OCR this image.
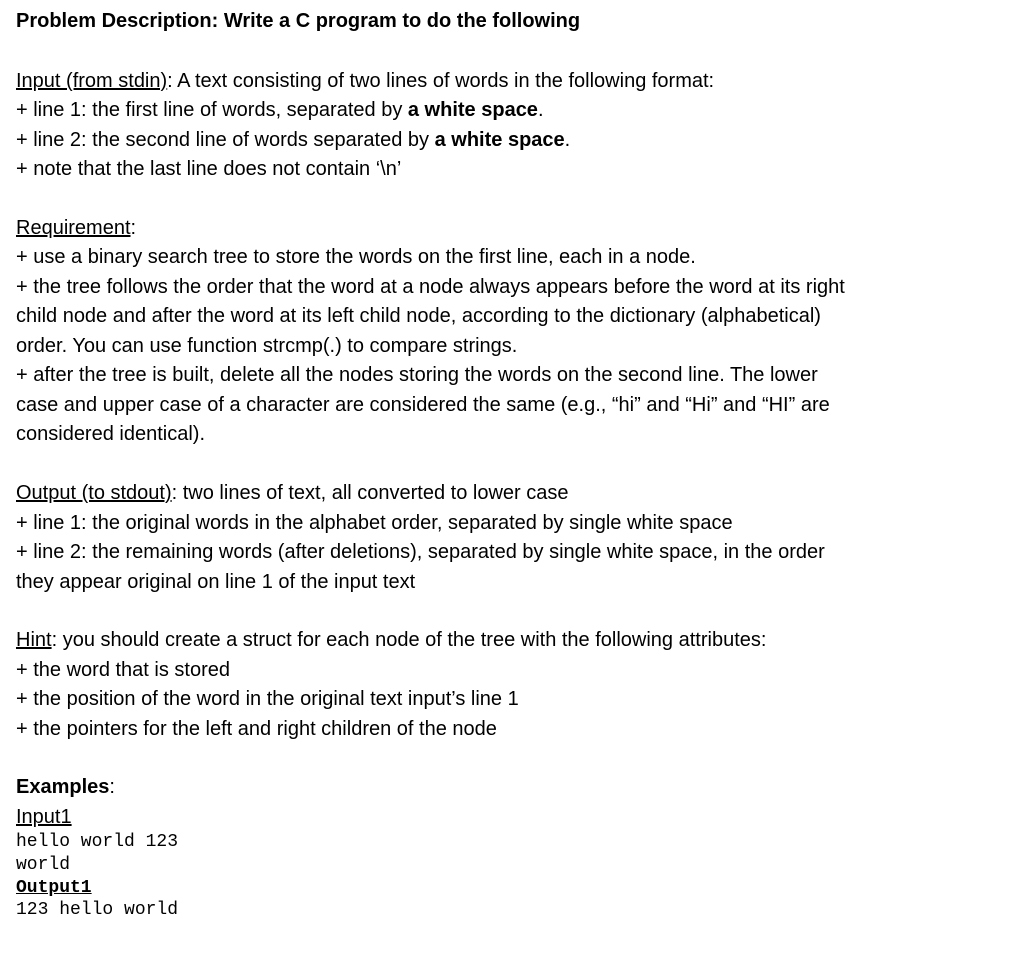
Problem Description: Write a C program to do the following
Input (from stdin): A text consisting of two lines of words in the following format:
+ line 1: the first line of words, separated by a white space.
+ line 2: the second line of words separated by a white space.
+ note that the last line does not contain ‘\n’
Requirement:
+ use a binary search tree to store the words on the first line, each in a node.
+ the tree follows the order that the word at a node always appears before the word at its right
child node and after the word at its left child node, according to the dictionary (alphabetical)
order. You can use function strcmp(.) to compare strings.
+ after the tree is built, delete all the nodes storing the words on the second line. The lower
case and upper case of a character are considered the same (e.g., “hi” and “Hi” and “HI” are
considered identical).
Output (to stdout): two lines of text, all converted to lower case
+ line 1: the original words in the alphabet order, separated by single white space
+ line 2: the remaining words (after deletions), separated by single white space, in the order
they appear original on line 1 of the input text
Hint: you should create a struct for each node of the tree with the following attributes:
+ the word that is stored
+ the position of the word in the original text input’s line 1
+ the pointers for the left and right children of the node
Examples:
Input1
hello world 123
world
Output1
123 hello world
